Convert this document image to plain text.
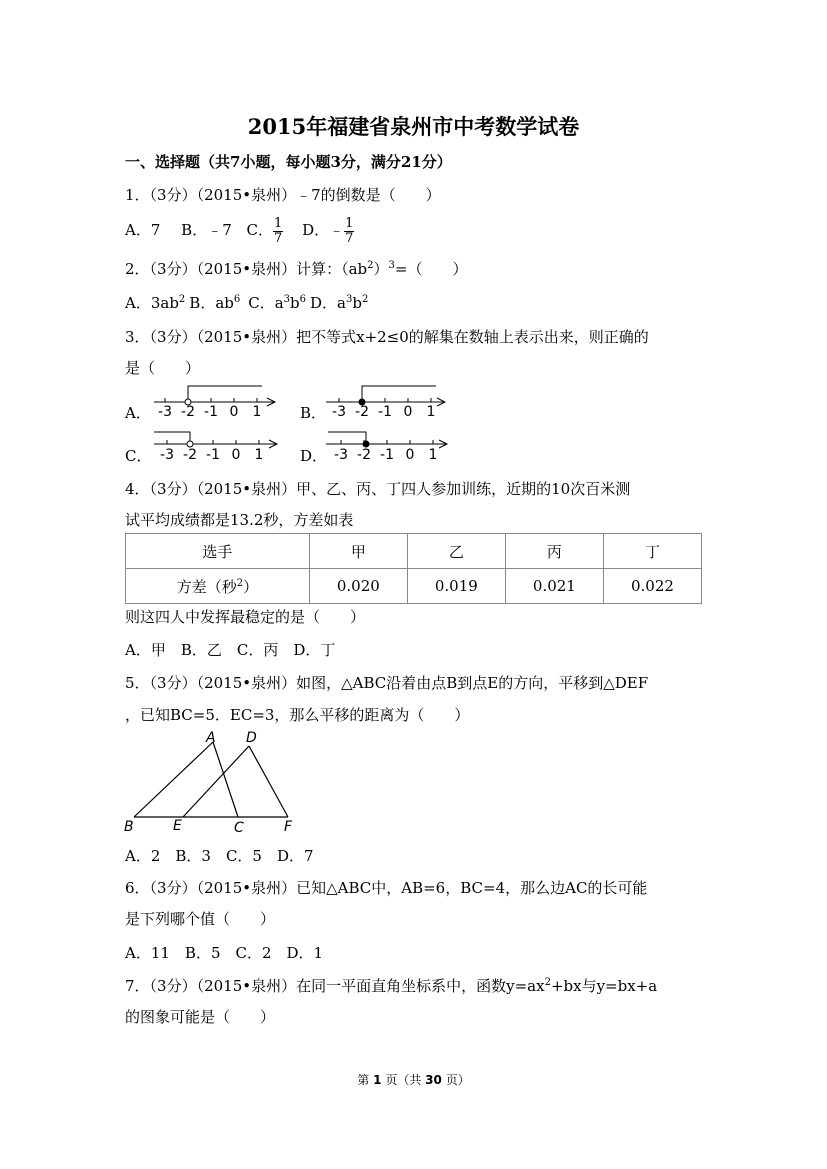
2015年福建省泉州市中考数学试卷
一、选择题（共7小题，每小题3分，满分21分）
1．（3分）（2015•泉州）﹣7的倒数是（　　）
A．7 B．﹣7 C． $\frac{1}{7}$ D．﹣ $\frac{1}{7}$
2．（3分）（2015•泉州）计算：$(ab^2)^3=$（　　）
A．$3ab^2$ B．$ab^6$ C．$a^3b^6$ D．$a^3b^2$
3．（3分）（2015•泉州）把不等式x+2≤0的解集在数轴上表示出来，则正确的
是（　　）
A． -3 -2 -1 0 1	B． -3 -2 -1 0 1
C． -3 -2 -1 0 1 D． -3 -2 -1 0 1
4．（3分）（2015•泉州）甲、乙、丙、丁四人参加训练，近期的10次百米测
试平均成绩都是13.2秒，方差如表
选手	甲	乙	丙	丁
方差（秒$^2$）	0.020	0.019	0.021	0.022
则这四人中发挥最稳定的是（　　）
A．甲　B．乙　C．丙　D．丁
5．（3分）（2015•泉州）如图，△ABC沿着由点B到点E的方向，平移到△DEF
，已知BC=5．EC=3，那么平移的距离为（　　）
A D
B	E	C	F
A．2　B．3　C．5　D．7
6．（3分）（2015•泉州）已知△ABC中，AB=6，BC=4，那么边AC的长可能
是下列哪个值（　　）
A．11　B．5　C．2　D．1
7．（3分）（2015•泉州）在同一平面直角坐标系中，函数$y=ax^2+bx$与y=bx+a
的图象可能是（　　）
第 1 页（共 30 页）
